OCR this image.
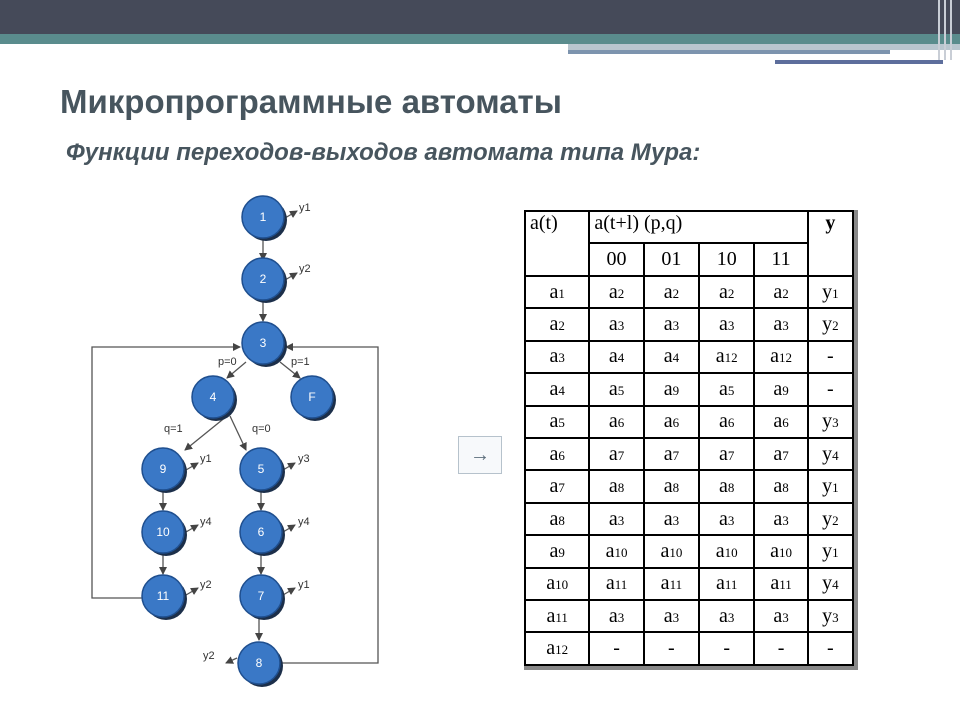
Микропрограммные автоматы
Функции переходов-выходов автомата типа Мура:
y1
y2
y1	y3
y4	y4
y2	y1
y2
p=0	p=1
q=1	q=0
1
2
3
4	F
9	5
10	6
11	7
8
→
a(t)	a(t+l) (p,q)				у
	00	01	10	11	
a1	a2	a2	a2	a2	y1
a2	a3	a3	a3	a3	y2
a3	a4	a4	a12	a12	-
a4	a5	a9	a5	a9	-
a5	a6	a6	a6	a6	y3
a6	a7	a7	a7	a7	y4
a7	a8	a8	a8	a8	y1
a8	a3	a3	a3	a3	y2
a9	a10	a10	a10	a10	y1
a10	a11	a11	a11	a11	y4
a11	a3	a3	a3	a3	y3
a12	-	-	-	-	-
